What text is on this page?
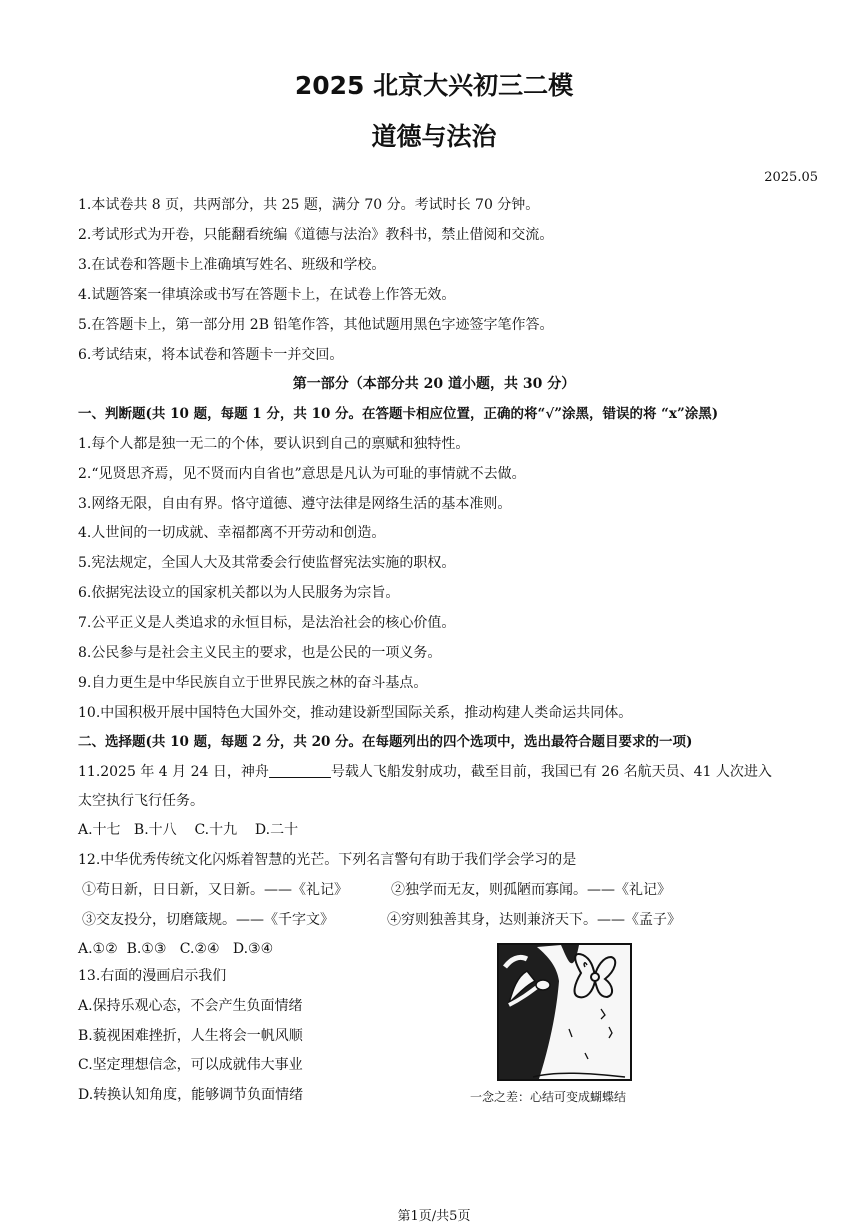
2025 北京大兴初三二模
道德与法治
2025.05
1.本试卷共 8 页，共两部分，共 25 题，满分 70 分。考试时长 70 分钟。
2.考试形式为开卷，只能翻看统编《道德与法治》教科书，禁止借阅和交流。
3.在试卷和答题卡上准确填写姓名、班级和学校。
4.试题答案一律填涂或书写在答题卡上，在试卷上作答无效。
5.在答题卡上，第一部分用 2B 铅笔作答，其他试题用黑色字迹签字笔作答。
6.考试结束，将本试卷和答题卡一并交回。
第一部分（本部分共 20 道小题，共 30 分）
一、判断题(共 10 题，每题 1 分，共 10 分。在答题卡相应位置，正确的将“√”涂黑，错误的将 “x”涂黑)
1.每个人都是独一无二的个体，要认识到自己的禀赋和独特性。
2.“见贤思齐焉，见不贤而内自省也”意思是凡认为可耻的事情就不去做。
3.网络无限，自由有界。恪守道德、遵守法律是网络生活的基本准则。
4.人世间的一切成就、幸福都离不开劳动和创造。
5.宪法规定，全国人大及其常委会行使监督宪法实施的职权。
6.依据宪法设立的国家机关都以为人民服务为宗旨。
7.公平正义是人类追求的永恒目标，是法治社会的核心价值。
8.公民参与是社会主义民主的要求，也是公民的一项义务。
9.自力更生是中华民族自立于世界民族之林的奋斗基点。
10.中国积极开展中国特色大国外交，推动建设新型国际关系，推动构建人类命运共同体。
二、选择题(共 10 题，每题 2 分，共 20 分。在每题列出的四个选项中，选出最符合题目要求的一项)
11.2025 年 4 月 24 日，神舟	号载人飞船发射成功，截至目前，我国已有 26 名航天员、41 人次进入
太空执行飞行任务。
A.十七   B.十八    C.十九    D.二十
12.中华优秀传统文化闪烁着智慧的光芒。下列名言警句有助于我们学会学习的是
①苟日新，日日新，又日新。——《礼记》	②独学而无友，则孤陋而寡闻。——《礼记》
③交友投分，切磨箴规。——《千字文》	④穷则独善其身，达则兼济天下。——《孟子》
A.①②  B.①③   C.②④   D.③④
13.右面的漫画启示我们
A.保持乐观心态，不会产生负面情绪
B.藐视困难挫折，人生将会一帆风顺
C.坚定理想信念，可以成就伟大事业
D.转换认知角度，能够调节负面情绪	一念之差：心结可变成蝴蝶结
第1页/共5页
